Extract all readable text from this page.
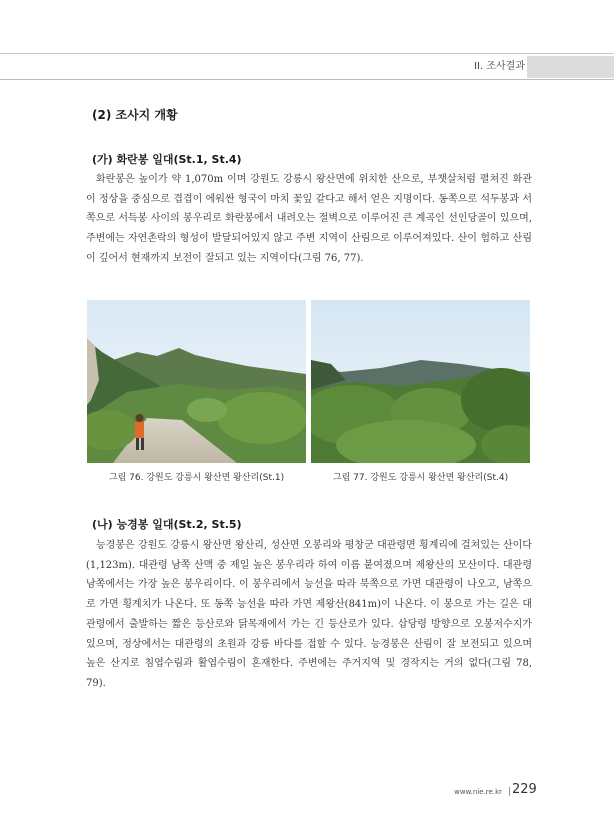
II. 조사결과
(2) 조사지 개황
(가) 화란봉 일대(St.1, St.4)

화란봉은 높이가 약 1,070m 이며 강원도 강릉시 왕산면에 위치한 산으로, 부챗살처럼 펼쳐진 화관이 정상을 중심으로 겹겹이 에워싼 형국이 마치 꽃잎 같다고 해서 얻은 지명이다. 동쪽으로 석두봉과 서쪽으로 서득봉 사이의 봉우리로 화란봉에서 내려오는 절벽으로 이루어진 큰 계곡인 선인당골이 있으며, 주변에는 자연촌락의 형성이 발달되어있지 않고 주변 지역이 산림으로 이루어져있다. 산이 험하고 산림이 깊어서 현재까지 보전이 잘되고 있는 지역이다(그림 76, 77).

그림 76. 강원도 강릉시 왕산면 왕산리(St.1)	그림 77. 강원도 강릉시 왕산면 왕산리(St.4)
(나) 능경봉 일대(St.2, St.5)

능경봉은 강원도 강릉시 왕산면 왕산리, 성산면 오봉리와 평창군 대관령면 횡계리에 걸쳐있는 산이다(1,123m). 대관령 남쪽 산맥 중 제일 높은 봉우리라 하여 이름 붙여졌으며 제왕산의 모산이다. 대관령 남쪽에서는 가장 높은 봉우리이다. 이 봉우리에서 능선을 따라 북쪽으로 가면 대관령이 나오고, 남쪽으로 가면 횡계치가 나온다. 또 동쪽 능선을 따라 가면 제왕산(841m)이 나온다. 이 봉으로 가는 길은 대관령에서 출발하는 짧은 등산로와 닭목재에서 가는 긴 등산로가 있다. 삽당령 방향으로 오봉저수지가 있으며, 정상에서는 대관령의 초원과 강릉 바다를 접할 수 있다. 능경봉은 산림이 잘 보전되고 있으며 높은 산지로 침엽수림과 활엽수림이 혼재한다. 주변에는 주거지역 및 경작지는 거의 없다(그림 78, 79).

www.nie.re.kr 229
